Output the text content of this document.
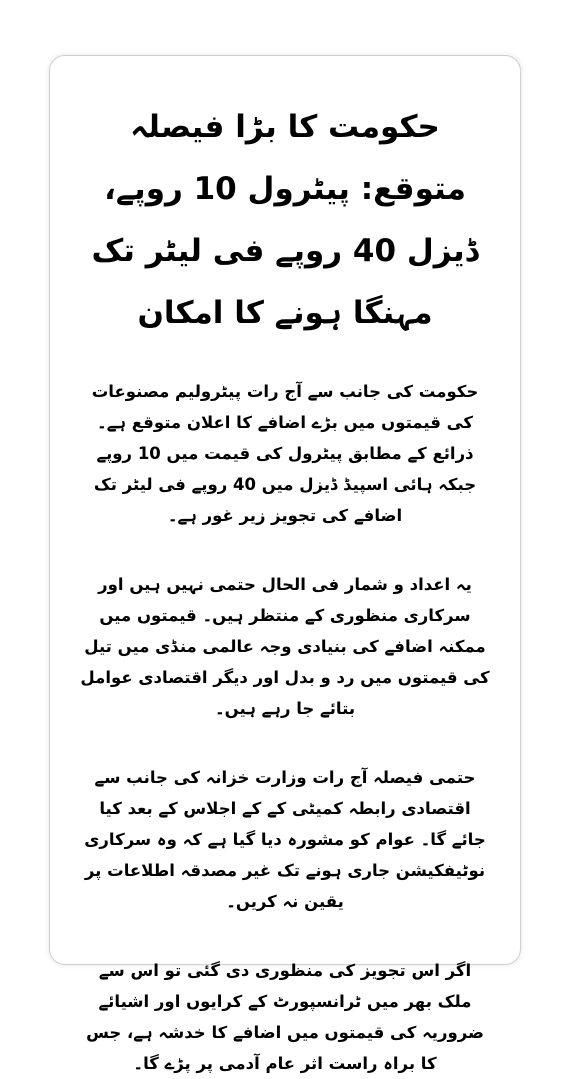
حکومت کا بڑا فیصلہ متوقع: پیٹرول 10 روپے، ڈیزل 40 روپے فی لیٹر تک مہنگا ہونے کا امکان

حکومت کی جانب سے آج رات پیٹرولیم مصنوعات کی قیمتوں میں بڑے اضافے کا اعلان متوقع ہے۔ ذرائع کے مطابق پیٹرول کی قیمت میں 10 روپے جبکہ ہائی اسپیڈ ڈیزل میں 40 روپے فی لیٹر تک اضافے کی تجویز زیر غور ہے۔

یہ اعداد و شمار فی الحال حتمی نہیں ہیں اور سرکاری منظوری کے منتظر ہیں۔ قیمتوں میں ممکنہ اضافے کی بنیادی وجہ عالمی منڈی میں تیل کی قیمتوں میں رد و بدل اور دیگر اقتصادی عوامل بتائے جا رہے ہیں۔

حتمی فیصلہ آج رات وزارت خزانہ کی جانب سے اقتصادی رابطہ کمیٹی کے کے اجلاس کے بعد کیا جائے گا۔ عوام کو مشورہ دیا گیا ہے کہ وہ سرکاری نوٹیفکیشن جاری ہونے تک غیر مصدقہ اطلاعات پر یقین نہ کریں۔

اگر اس تجویز کی منظوری دی گئی تو اس سے ملک بھر میں ٹرانسپورٹ کے کرایوں اور اشیائے ضروریہ کی قیمتوں میں اضافے کا خدشہ ہے، جس کا براہ راست اثر عام آدمی پر پڑے گا۔
